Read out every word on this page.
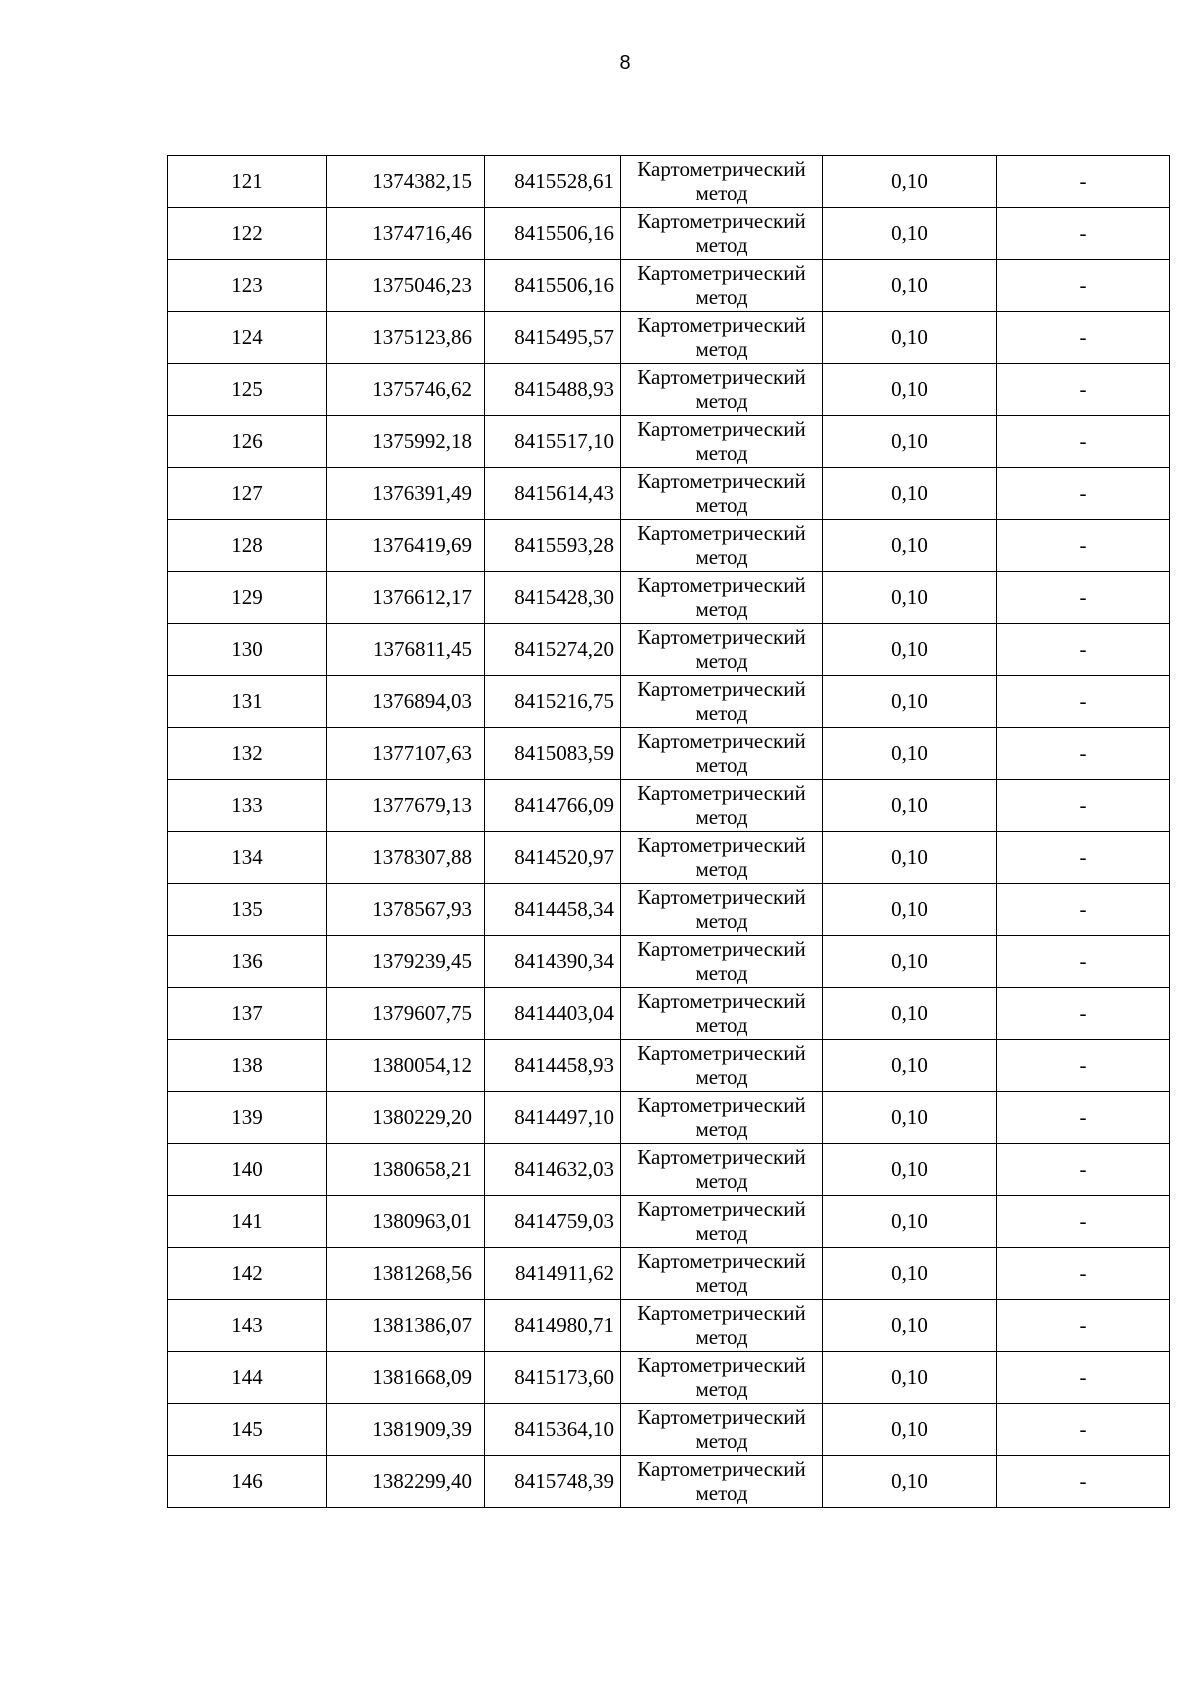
8
121	1374382,15	8415528,61	Картометрический метод	0,10	-
122	1374716,46	8415506,16	Картометрический метод	0,10	-
123	1375046,23	8415506,16	Картометрический метод	0,10	-
124	1375123,86	8415495,57	Картометрический метод	0,10	-
125	1375746,62	8415488,93	Картометрический метод	0,10	-
126	1375992,18	8415517,10	Картометрический метод	0,10	-
127	1376391,49	8415614,43	Картометрический метод	0,10	-
128	1376419,69	8415593,28	Картометрический метод	0,10	-
129	1376612,17	8415428,30	Картометрический метод	0,10	-
130	1376811,45	8415274,20	Картометрический метод	0,10	-
131	1376894,03	8415216,75	Картометрический метод	0,10	-
132	1377107,63	8415083,59	Картометрический метод	0,10	-
133	1377679,13	8414766,09	Картометрический метод	0,10	-
134	1378307,88	8414520,97	Картометрический метод	0,10	-
135	1378567,93	8414458,34	Картометрический метод	0,10	-
136	1379239,45	8414390,34	Картометрический метод	0,10	-
137	1379607,75	8414403,04	Картометрический метод	0,10	-
138	1380054,12	8414458,93	Картометрический метод	0,10	-
139	1380229,20	8414497,10	Картометрический метод	0,10	-
140	1380658,21	8414632,03	Картометрический метод	0,10	-
141	1380963,01	8414759,03	Картометрический метод	0,10	-
142	1381268,56	8414911,62	Картометрический метод	0,10	-
143	1381386,07	8414980,71	Картометрический метод	0,10	-
144	1381668,09	8415173,60	Картометрический метод	0,10	-
145	1381909,39	8415364,10	Картометрический метод	0,10	-
146	1382299,40	8415748,39	Картометрический метод	0,10	-
